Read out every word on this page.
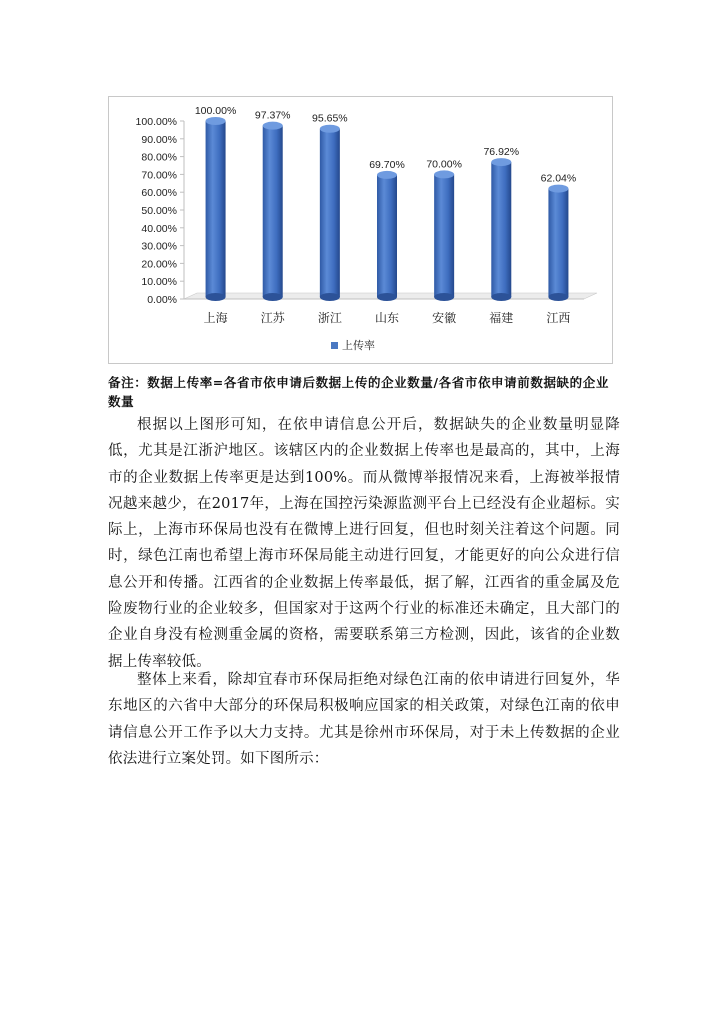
0.00%
10.00%
20.00%
30.00%
40.00%
50.00%
60.00%
70.00%
80.00%
90.00%
100.00%
100.00% 97.37% 95.65%
69.70% 70.00%
76.92%
62.04%
上海	江苏	浙江	山东	安徽	福建	江西
上传率
备注：数据上传率=各省市依申请后数据上传的企业数量/各省市依申请前数据缺的企业数量

根据以上图形可知，在依申请信息公开后，数据缺失的企业数量明显降低，尤其是江浙沪地区。该辖区内的企业数据上传率也是最高的，其中，上海市的企业数据上传率更是达到100%。而从微博举报情况来看，上海被举报情况越来越少，在2017年，上海在国控污染源监测平台上已经没有企业超标。实际上，上海市环保局也没有在微博上进行回复，但也时刻关注着这个问题。同时，绿色江南也希望上海市环保局能主动进行回复，才能更好的向公众进行信息公开和传播。江西省的企业数据上传率最低，据了解，江西省的重金属及危险废物行业的企业较多，但国家对于这两个行业的标准还未确定，且大部门的企业自身没有检测重金属的资格，需要联系第三方检测，因此，该省的企业数据上传率较低。

整体上来看，除却宜春市环保局拒绝对绿色江南的依申请进行回复外，华东地区的六省中大部分的环保局积极响应国家的相关政策，对绿色江南的依申请信息公开工作予以大力支持。尤其是徐州市环保局，对于未上传数据的企业依法进行立案处罚。如下图所示：
